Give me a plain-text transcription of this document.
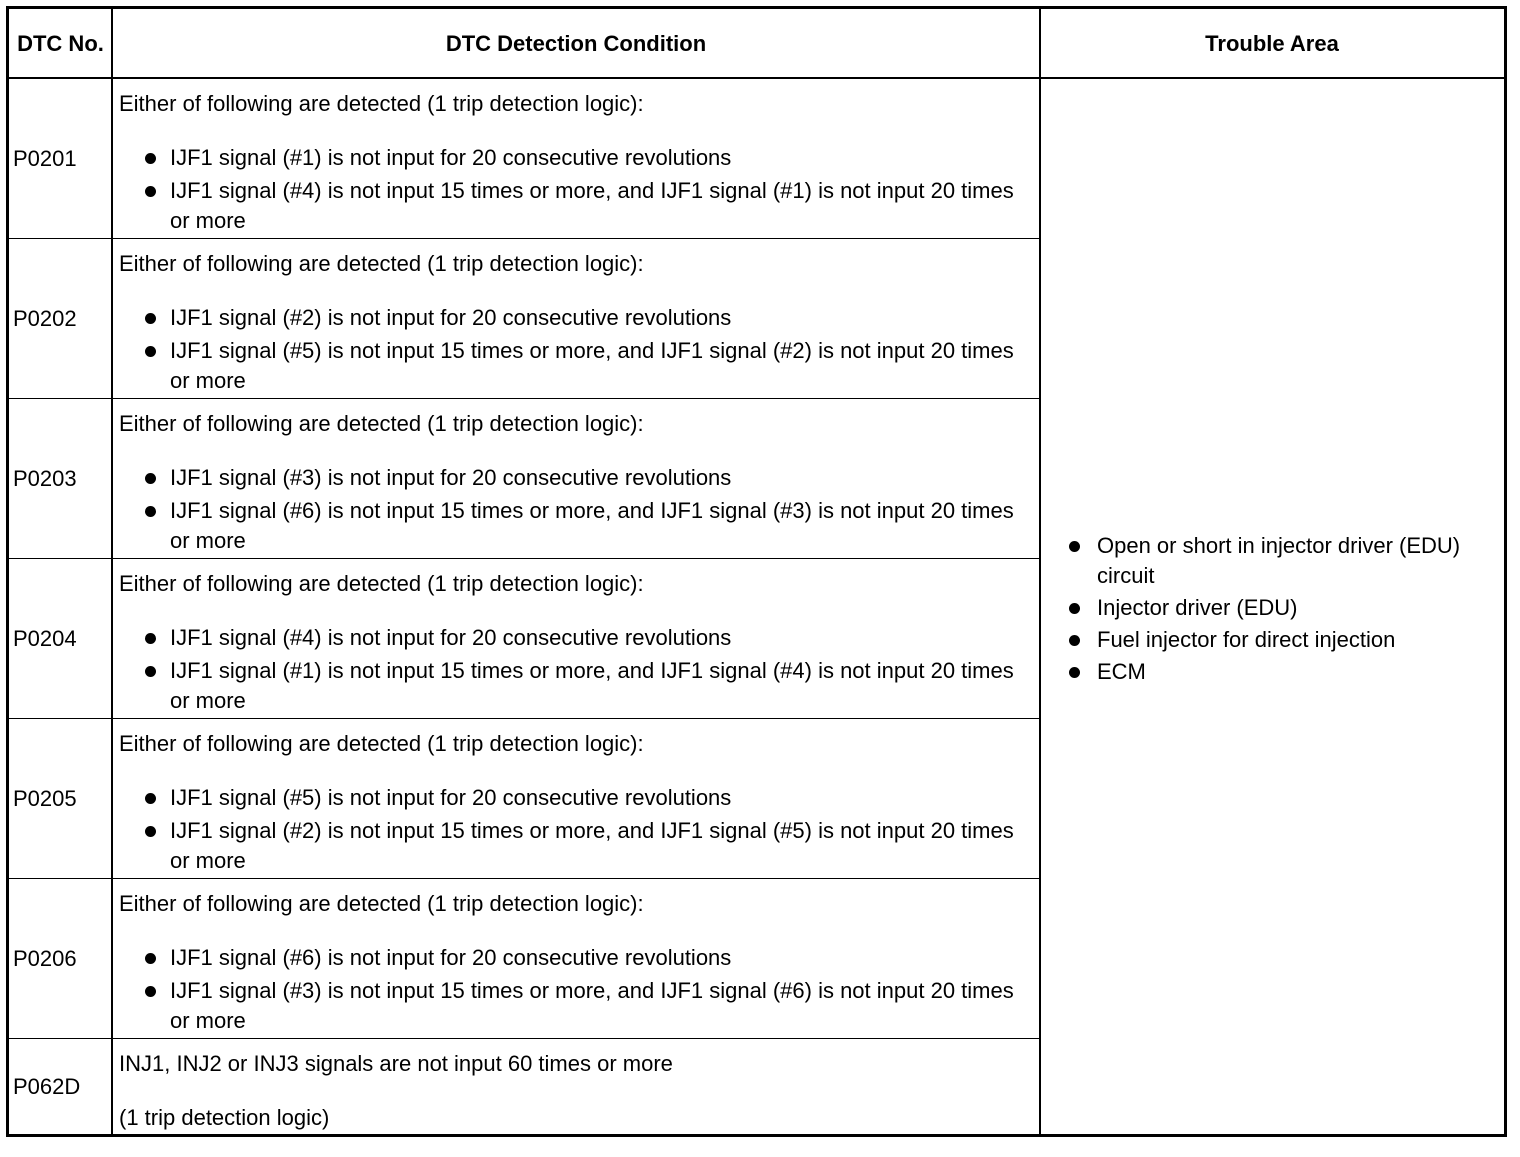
DTC No.	DTC Detection Condition	Trouble Area
P0201
Either of following are detected (1 trip detection logic):
IJF1 signal (#1) is not input for 20 consecutive revolutions
IJF1 signal (#4) is not input 15 times or more, and IJF1 signal (#1) is not input 20 times or more
P0202
Either of following are detected (1 trip detection logic):
IJF1 signal (#2) is not input for 20 consecutive revolutions
IJF1 signal (#5) is not input 15 times or more, and IJF1 signal (#2) is not input 20 times or more
P0203
Either of following are detected (1 trip detection logic):
IJF1 signal (#3) is not input for 20 consecutive revolutions
IJF1 signal (#6) is not input 15 times or more, and IJF1 signal (#3) is not input 20 times or more
P0204
Either of following are detected (1 trip detection logic):
IJF1 signal (#4) is not input for 20 consecutive revolutions
IJF1 signal (#1) is not input 15 times or more, and IJF1 signal (#4) is not input 20 times or more
P0205
Either of following are detected (1 trip detection logic):
IJF1 signal (#5) is not input for 20 consecutive revolutions
IJF1 signal (#2) is not input 15 times or more, and IJF1 signal (#5) is not input 20 times or more
P0206
Either of following are detected (1 trip detection logic):
IJF1 signal (#6) is not input for 20 consecutive revolutions
IJF1 signal (#3) is not input 15 times or more, and IJF1 signal (#6) is not input 20 times or more
P062D
INJ1, INJ2 or INJ3 signals are not input 60 times or more
(1 trip detection logic)
Open or short in injector driver (EDU) circuit
Injector driver (EDU)
Fuel injector for direct injection
ECM
